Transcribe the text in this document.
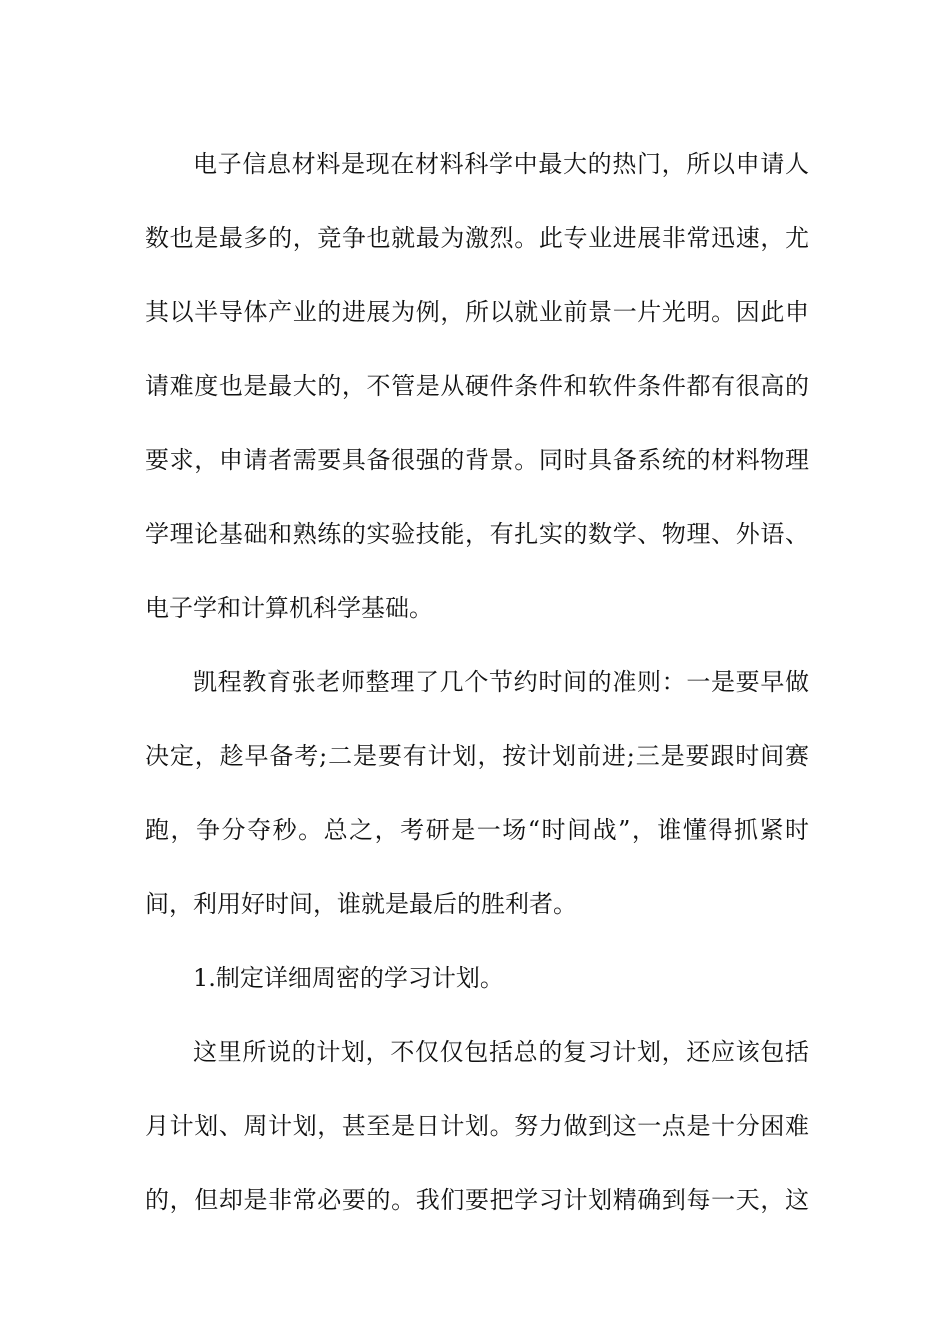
电子信息材料是现在材料科学中最大的热门，所以申请人
数也是最多的，竞争也就最为激烈。此专业进展非常迅速，尤
其以半导体产业的进展为例，所以就业前景一片光明。因此申
请难度也是最大的，不管是从硬件条件和软件条件都有很高的
要求，申请者需要具备很强的背景。同时具备系统的材料物理
学理论基础和熟练的实验技能，有扎实的数学、物理、外语、
电子学和计算机科学基础。
凯程教育张老师整理了几个节约时间的准则：一是要早做
决定，趁早备考;二是要有计划，按计划前进;三是要跟时间赛
跑，争分夺秒。总之，考研是一场“时间战”，谁懂得抓紧时
间，利用好时间，谁就是最后的胜利者。
1.制定详细周密的学习计划。
这里所说的计划，不仅仅包括总的复习计划，还应该包括
月计划、周计划，甚至是日计划。努力做到这一点是十分困难
的，但却是非常必要的。我们要把学习计划精确到每一天，这
